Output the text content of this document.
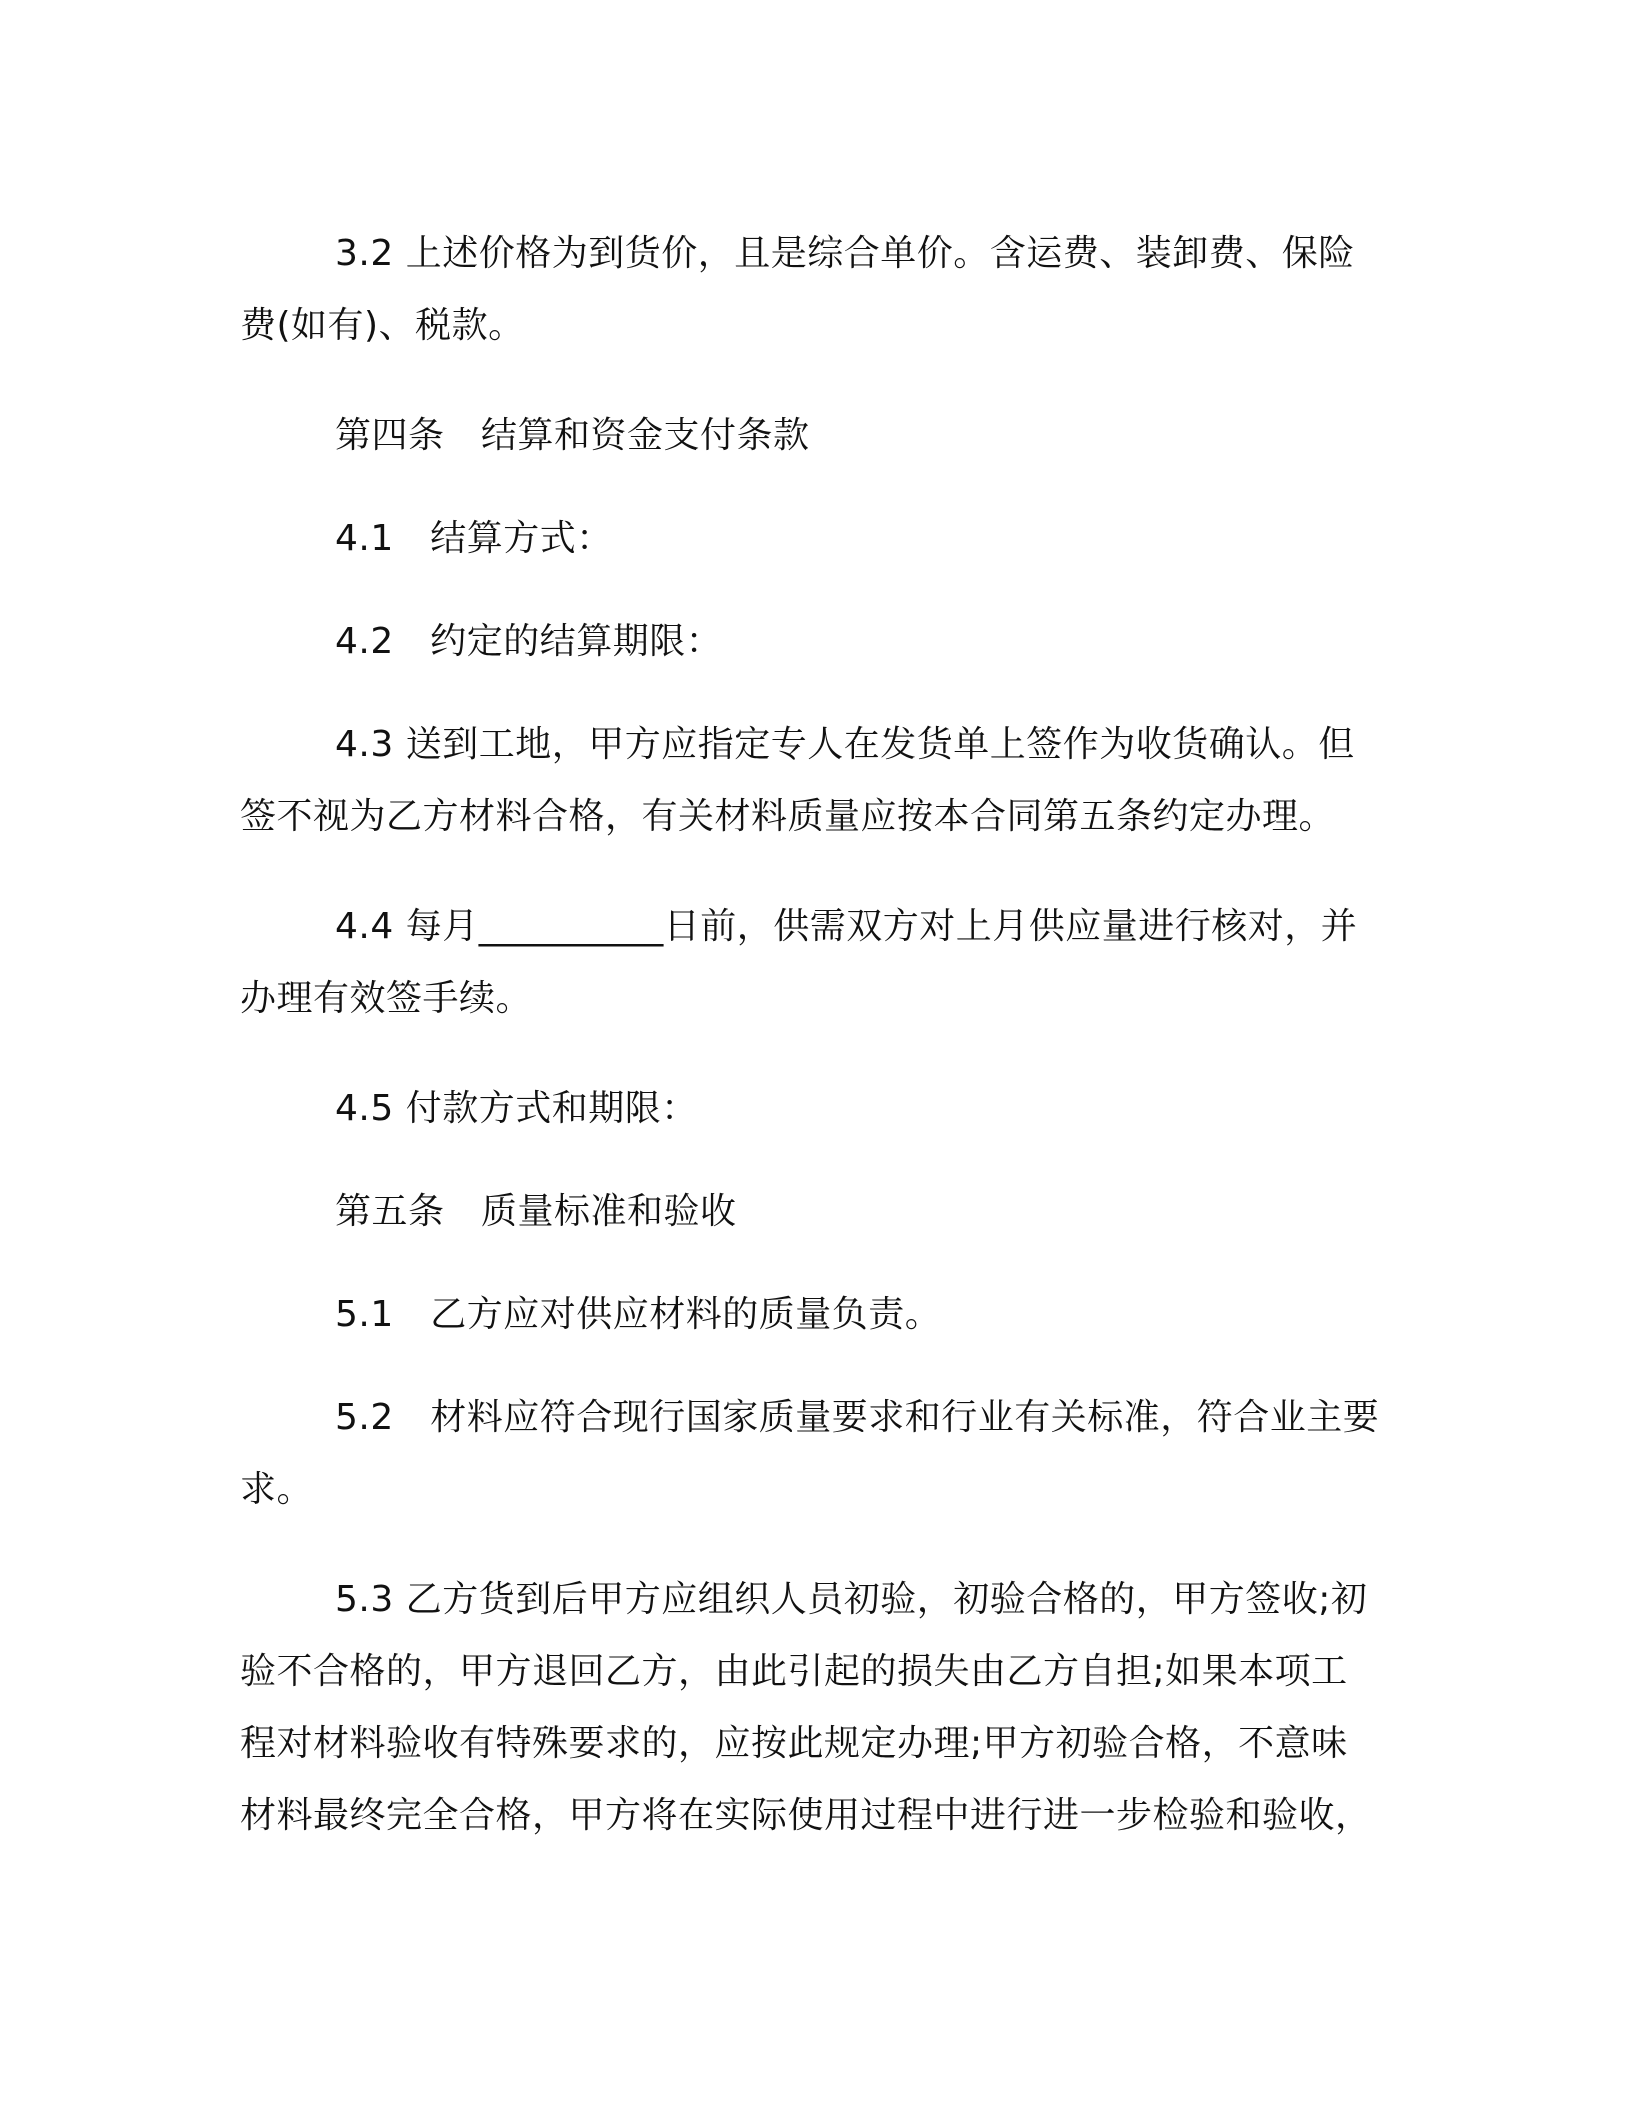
3.2 上述价格为到货价，且是综合单价。含运费、装卸费、保险费(如有)、税款。

第四条　结算和资金支付条款

4.1　结算方式：

4.2　约定的结算期限：

4.3 送到工地，甲方应指定专人在发货单上签作为收货确认。但签不视为乙方材料合格，有关材料质量应按本合同第五条约定办理。

4.4 每月__________日前，供需双方对上月供应量进行核对，并办理有效签手续。

4.5 付款方式和期限：

第五条　质量标准和验收

5.1　乙方应对供应材料的质量负责。

5.2　材料应符合现行国家质量要求和行业有关标准，符合业主要求。

5.3 乙方货到后甲方应组织人员初验，初验合格的，甲方签收;初验不合格的，甲方退回乙方，由此引起的损失由乙方自担;如果本项工程对材料验收有特殊要求的，应按此规定办理;甲方初验合格，不意味材料最终完全合格，甲方将在实际使用过程中进行进一步检验和验收，
